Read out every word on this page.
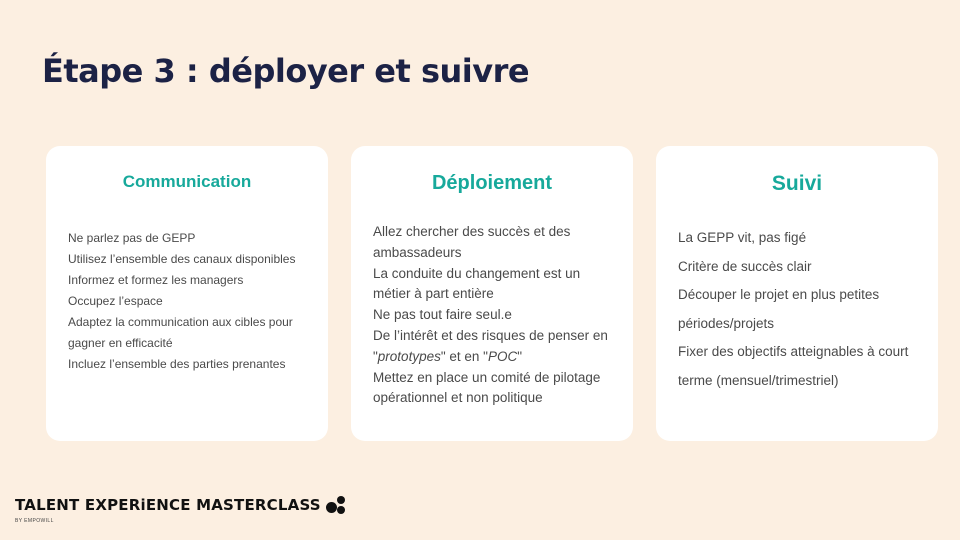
Étape 3 : déployer et suivre
Communication
Ne parlez pas de GEPP
Utilisez l’ensemble des canaux disponibles Informez et formez les managers
Occupez l’espace
Adaptez la communication aux cibles pour gagner en efficacité
Incluez l’ensemble des parties prenantes
Déploiement
Allez chercher des succès et des ambassadeurs
La conduite du changement est un métier à part entière
Ne pas tout faire seul.e
De l’intérêt et des risques de penser en "prototypes" et en "POC"
Mettez en place un comité de pilotage opérationnel et non politique
Suivi
La GEPP vit, pas figé
Critère de succès clair
Découper le projet en plus petites périodes/projets
Fixer des objectifs atteignables à court terme (mensuel/trimestriel)
TALENT EXPERiENCE MASTERCLASS
BY EMPOWILL
